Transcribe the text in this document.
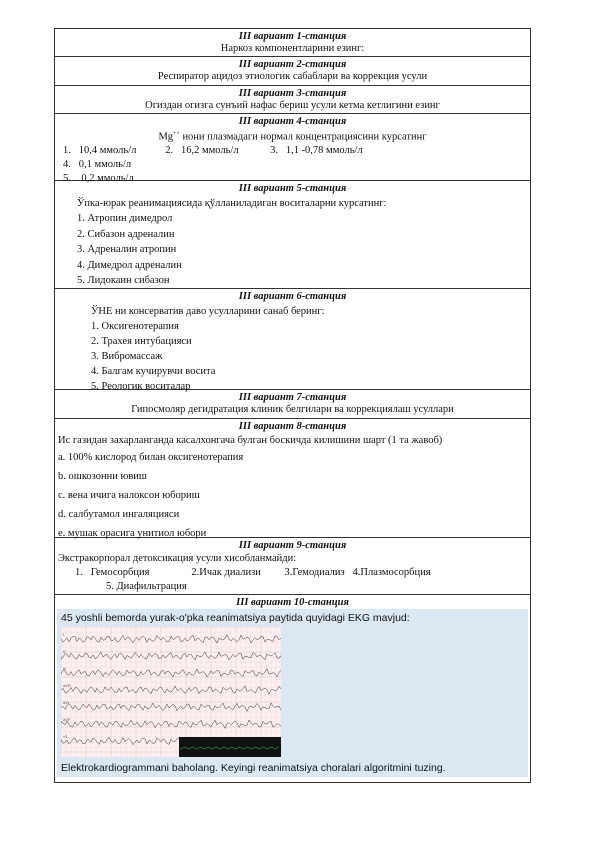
III вариант 1-станция
Наркоз компонентларини езинг:
III вариант 2-станция
Респиратор ацидоз этиологик сабаблари ва коррекция усули
III вариант 3-станция
Огиздан огизга сунъий нафас бериш усули кетма кетлигини езинг
III вариант 4-станция
Mg++ иони плазмадаги нормал концентрациясини курсатинг
1.   10,4 ммоль/л	2.   16,2 ммоль/л	3.   1,1 -0,78 ммоль/л
4.   0,1 ммоль/л
5.    0,2 ммоль/л
III вариант 5-станция
Ўпка-юрак реанимациясида қўлланиладиган воситаларни курсатинг:
1. Атропин димедрол
2. Сибазон адреналин
3. Адреналин атропин
4. Димедрол адреналин
5. Лидокаин сибазон
III вариант 6-станция
ЎНЕ ни консерватив даво усулларини санаб беринг:
1. Оксигенотерапия
2. Трахея интубацияси
3. Вибромассаж
4. Балгам кучирувчи восита
5. Реологик воситалар
III вариант 7-станция
Гипосмоляр дегидратация клиник белгилари ва коррекциялаш усуллари
III вариант 8-станция
Ис газидан захарланганда касалхонгача булган боскичда килишини шарт (1 та жавоб)
a. 100% кислород билан оксигенотерапия
b. ошкозонни ювиш
c. вена ичига налоксон юбориш
d. салбутамол ингаляцияси
e. мушак орасига унитиол юбори
III вариант 9-станция
Экстракорпорал детоксикация усули хисобланмайди:
1.   Гемосорбция                2.Ичак диализи         3.Гемодиализ   4.Плазмосорбция
5. Диафильтрация
III вариант 10-станция
45 yoshli bemorda yurak-o'pka reanimatsiya paytida quyidagi EKG mavjud:
I
II
III
aVR
aVL
aVF
V1
Elektrokardiogrammani baholang. Keyingi reanimatsiya choralari algoritmini tuzing.
